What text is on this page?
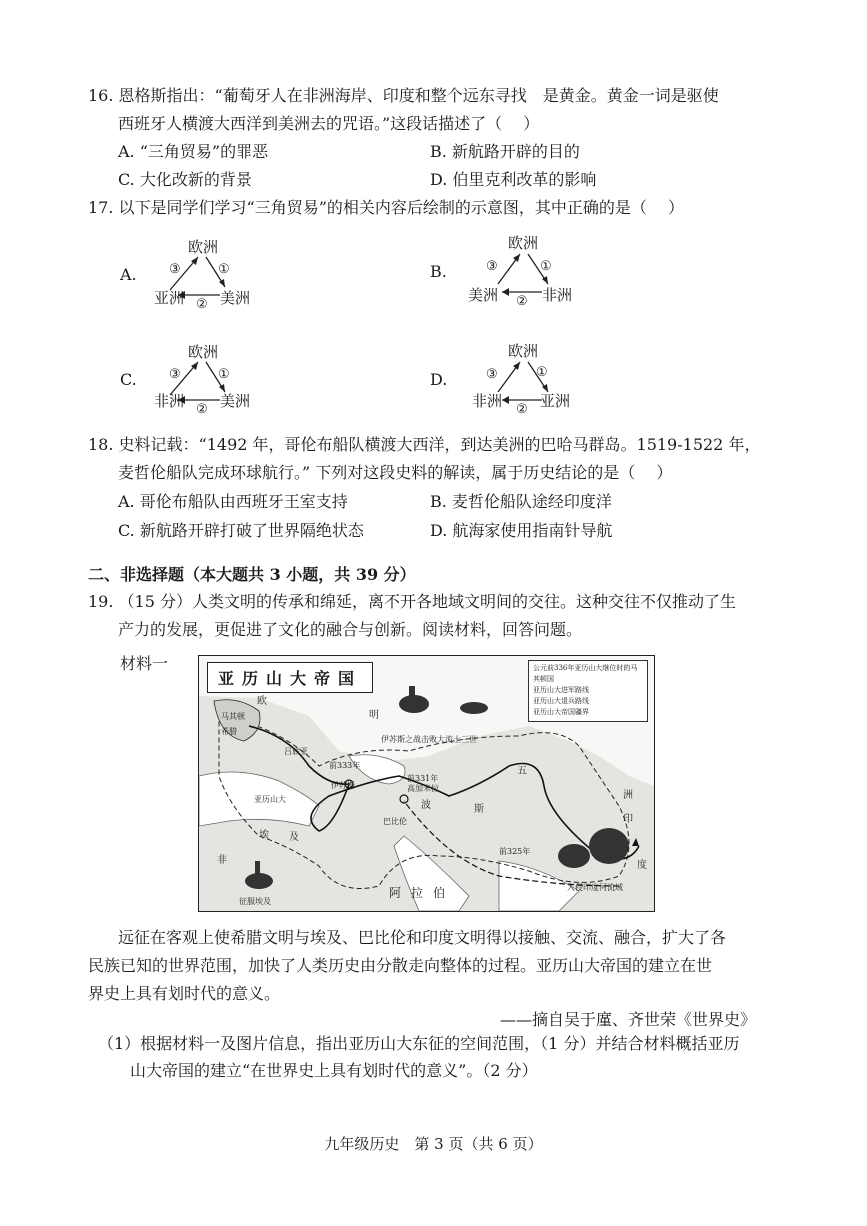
16. 恩格斯指出：“葡萄牙人在非洲海岸、印度和整个远东寻找　是黄金。黄金一词是驱使
西班牙人横渡大西洋到美洲去的咒语。”这段话描述了（　 ）
A. “三角贸易”的罪恶	B. 新航路开辟的目的
C. 大化改新的背景	D. 伯里克利改革的影响
17. 以下是同学们学习“三角贸易”的相关内容后绘制的示意图，其中正确的是（　 ）
A.
欧洲
亚洲 美洲
③	①
②
B.
欧洲
美洲	非洲
③	①
②
C.
欧洲
非洲 美洲
③	①
②
D.
欧洲
非洲	亚洲
③	①
②
18. 史料记载：“1492 年，哥伦布船队横渡大西洋，到达美洲的巴哈马群岛。1519-1522 年，
麦哲伦船队完成环球航行。” 下列对这段史料的解读，属于历史结论的是（　 ）
A. 哥伦布船队由西班牙王室支持	B. 麦哲伦船队途经印度洋
C. 新航路开辟打破了世界隔绝状态	D. 航海家使用指南针导航
二、非选择题（本大题共 3 小题，共 39 分）
19. （15 分）人类文明的传承和绵延，离不开各地域文明间的交往。这种交往不仅推动了生
产力的发展，更促进了文化的融合与创新。阅读材料，回答问题。
材料一
亚历山大帝国
公元前336年亚历山大继位时的马其顿国
亚历山大进军路线
亚历山大退兵路线
亚历山大帝国疆界
欧
明
马其顿
希腊
吕底亚
前333年
伊苏斯
前331年
高加米拉
巴比伦
亚历山大
埃 及
波	斯
五
阿拉伯
非
洲
印
度
伊苏斯之战击败大流士三世
征服埃及
入侵印度河流域
前325年
远征在客观上使希腊文明与埃及、巴比伦和印度文明得以接触、交流、融合，扩大了各
民族已知的世界范围，加快了人类历史由分散走向整体的过程。亚历山大帝国的建立在世
界史上具有划时代的意义。
——摘自吴于廑、齐世荣《世界史》
（1）根据材料一及图片信息，指出亚历山大东征的空间范围，（1 分）并结合材料概括亚历
山大帝国的建立“在世界史上具有划时代的意义”。（2 分）
九年级历史　第 3 页（共 6 页）
